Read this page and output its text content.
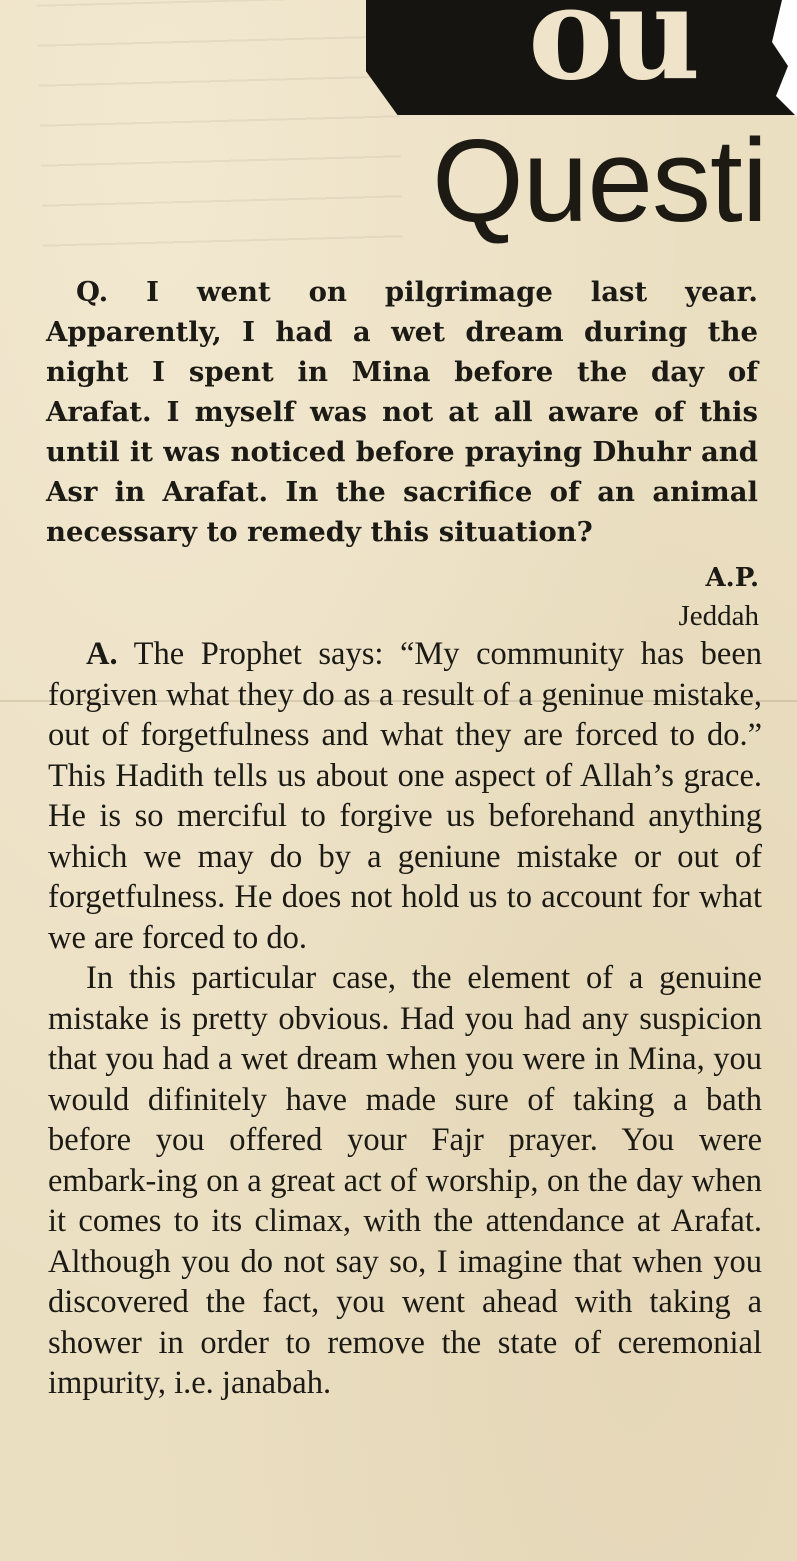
ou
Questi
Q. I went on pilgrimage last year. Apparently, I had a wet dream during the night I spent in Mina before the day of Arafat. I myself was not at all aware of this until it was noticed before praying Dhuhr and Asr in Arafat. In the sacrifice of an animal necessary to remedy this situation?
A.P.
Jeddah

A. The Prophet says: “My community has been forgiven what they do as a result of a geninue mistake, out of forgetfulness and what they are forced to do.” This Hadith tells us about one aspect of Allah’s grace. He is so merciful to forgive us beforehand anything which we may do by a geniune mistake or out of forgetfulness. He does not hold us to account for what we are forced to do.

In this particular case, the element of a genuine mistake is pretty obvious. Had you had any suspicion that you had a wet dream when you were in Mina, you would difinitely have made sure of taking a bath before you offered your Fajr prayer. You were embark-ing on a great act of worship, on the day when it comes to its climax, with the attendance at Arafat. Although you do not say so, I imagine that when you discovered the fact, you went ahead with taking a shower in order to remove the state of ceremonial impurity, i.e. janabah.
